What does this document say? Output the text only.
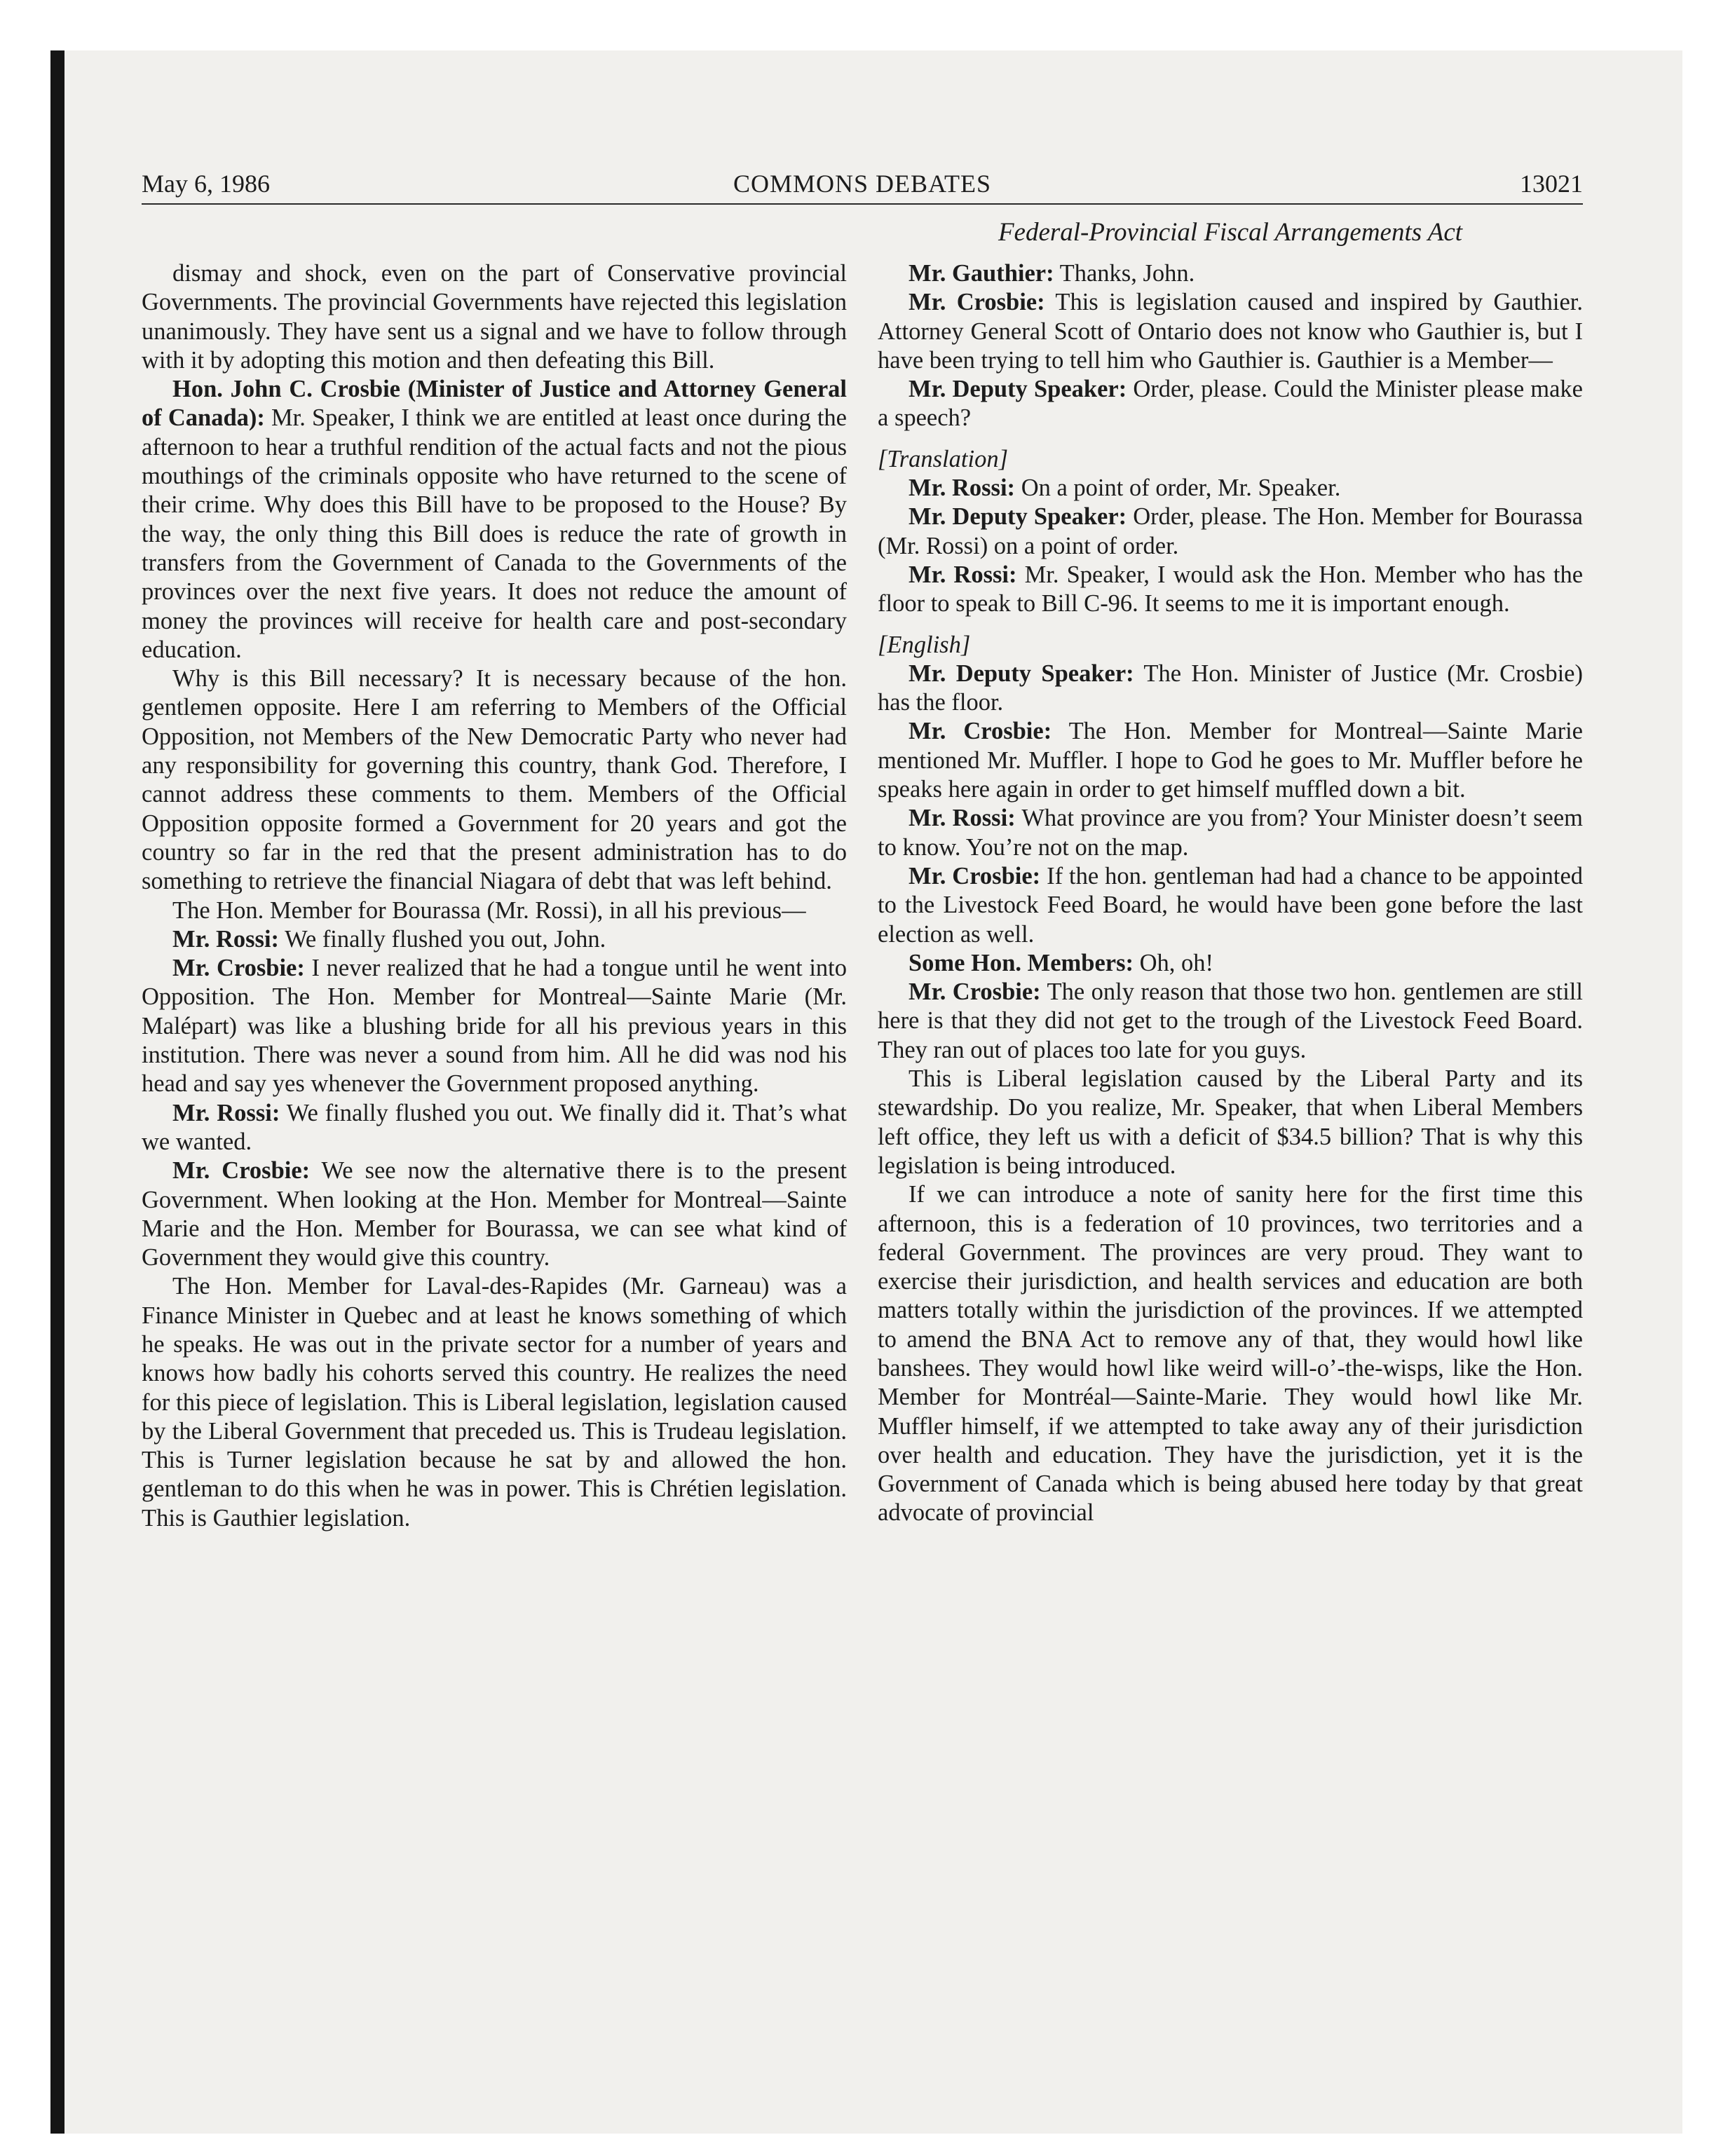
May 6, 1986	COMMONS DEBATES	13021
Federal-Provincial Fiscal Arrangements Act

dismay and shock, even on the part of Conservative provincial Governments. The provincial Governments have rejected this legislation unanimously. They have sent us a signal and we have to follow through with it by adopting this motion and then defeating this Bill.

Hon. John C. Crosbie (Minister of Justice and Attorney General of Canada): Mr. Speaker, I think we are entitled at least once during the afternoon to hear a truthful rendition of the actual facts and not the pious mouthings of the criminals opposite who have returned to the scene of their crime. Why does this Bill have to be proposed to the House? By the way, the only thing this Bill does is reduce the rate of growth in transfers from the Government of Canada to the Governments of the provinces over the next five years. It does not reduce the amount of money the provinces will receive for health care and post-secondary education.

Why is this Bill necessary? It is necessary because of the hon. gentlemen opposite. Here I am referring to Members of the Official Opposition, not Members of the New Democratic Party who never had any responsibility for governing this country, thank God. Therefore, I cannot address these comments to them. Members of the Official Opposition opposite formed a Government for 20 years and got the country so far in the red that the present administration has to do something to retrieve the financial Niagara of debt that was left behind.

The Hon. Member for Bourassa (Mr. Rossi), in all his previous—

Mr. Rossi: We finally flushed you out, John.

Mr. Crosbie: I never realized that he had a tongue until he went into Opposition. The Hon. Member for Montreal—Sainte Marie (Mr. Malépart) was like a blushing bride for all his previous years in this institution. There was never a sound from him. All he did was nod his head and say yes whenever the Government proposed anything.

Mr. Rossi: We finally flushed you out. We finally did it. That’s what we wanted.

Mr. Crosbie: We see now the alternative there is to the present Government. When looking at the Hon. Member for Montreal—Sainte Marie and the Hon. Member for Bourassa, we can see what kind of Government they would give this country.

The Hon. Member for Laval-des-Rapides (Mr. Garneau) was a Finance Minister in Quebec and at least he knows something of which he speaks. He was out in the private sector for a number of years and knows how badly his cohorts served this country. He realizes the need for this piece of legislation. This is Liberal legislation, legislation caused by the Liberal Government that preceded us. This is Trudeau legislation. This is Turner legislation because he sat by and allowed the hon. gentleman to do this when he was in power. This is Chrétien legislation. This is Gauthier legislation.

Mr. Gauthier: Thanks, John.

Mr. Crosbie: This is legislation caused and inspired by Gauthier. Attorney General Scott of Ontario does not know who Gauthier is, but I have been trying to tell him who Gauthier is. Gauthier is a Member—

Mr. Deputy Speaker: Order, please. Could the Minister please make a speech?

[Translation]

Mr. Rossi: On a point of order, Mr. Speaker.

Mr. Deputy Speaker: Order, please. The Hon. Member for Bourassa (Mr. Rossi) on a point of order.

Mr. Rossi: Mr. Speaker, I would ask the Hon. Member who has the floor to speak to Bill C-96. It seems to me it is important enough.

[English]

Mr. Deputy Speaker: The Hon. Minister of Justice (Mr. Crosbie) has the floor.

Mr. Crosbie: The Hon. Member for Montreal—Sainte Marie mentioned Mr. Muffler. I hope to God he goes to Mr. Muffler before he speaks here again in order to get himself muffled down a bit.

Mr. Rossi: What province are you from? Your Minister doesn’t seem to know. You’re not on the map.

Mr. Crosbie: If the hon. gentleman had had a chance to be appointed to the Livestock Feed Board, he would have been gone before the last election as well.

Some Hon. Members: Oh, oh!

Mr. Crosbie: The only reason that those two hon. gentlemen are still here is that they did not get to the trough of the Livestock Feed Board. They ran out of places too late for you guys.

This is Liberal legislation caused by the Liberal Party and its stewardship. Do you realize, Mr. Speaker, that when Liberal Members left office, they left us with a deficit of $34.5 billion? That is why this legislation is being introduced.

If we can introduce a note of sanity here for the first time this afternoon, this is a federation of 10 provinces, two territories and a federal Government. The provinces are very proud. They want to exercise their jurisdiction, and health services and education are both matters totally within the jurisdiction of the provinces. If we attempted to amend the BNA Act to remove any of that, they would howl like banshees. They would howl like weird will-o’-the-wisps, like the Hon. Member for Montréal—Sainte-Marie. They would howl like Mr. Muffler himself, if we attempted to take away any of their jurisdiction over health and education. They have the jurisdiction, yet it is the Government of Canada which is being abused here today by that great advocate of provincial
